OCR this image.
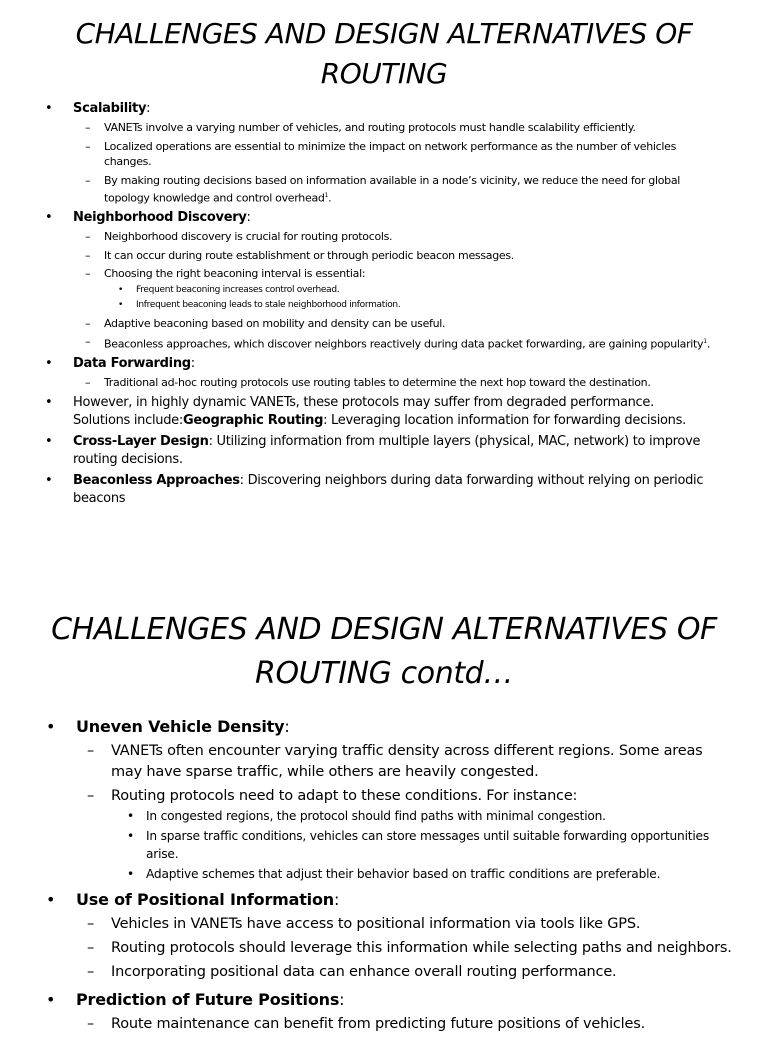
CHALLENGES AND DESIGN ALTERNATIVES OF ROUTING
• Scalability:
– VANETs involve a varying number of vehicles, and routing protocols must handle scalability efficiently.
– Localized operations are essential to minimize the impact on network performance as the number of vehicles changes.
– By making routing decisions based on information available in a node’s vicinity, we reduce the need for global topology knowledge and control overhead$^1$.
• Neighborhood Discovery:
– Neighborhood discovery is crucial for routing protocols.
– It can occur during route establishment or through periodic beacon messages.
– Choosing the right beaconing interval is essential:
• Frequent beaconing increases control overhead.
• Infrequent beaconing leads to stale neighborhood information.
– Adaptive beaconing based on mobility and density can be useful.
– Beaconless approaches, which discover neighbors reactively during data packet forwarding, are gaining popularity$^1$.
• Data Forwarding:
– Traditional ad-hoc routing protocols use routing tables to determine the next hop toward the destination.
• However, in highly dynamic VANETs, these protocols may suffer from degraded performance. Solutions include:Geographic Routing: Leveraging location information for forwarding decisions.
• Cross-Layer Design: Utilizing information from multiple layers (physical, MAC, network) to improve routing decisions.
• Beaconless Approaches: Discovering neighbors during data forwarding without relying on periodic beacons
CHALLENGES AND DESIGN ALTERNATIVES OF ROUTING contd…
• Uneven Vehicle Density:
– VANETs often encounter varying traffic density across different regions. Some areas may have sparse traffic, while others are heavily congested.
– Routing protocols need to adapt to these conditions. For instance:
• In congested regions, the protocol should find paths with minimal congestion.
• In sparse traffic conditions, vehicles can store messages until suitable forwarding opportunities arise.
• Adaptive schemes that adjust their behavior based on traffic conditions are preferable.
• Use of Positional Information:
– Vehicles in VANETs have access to positional information via tools like GPS.
– Routing protocols should leverage this information while selecting paths and neighbors.
– Incorporating positional data can enhance overall routing performance.
• Prediction of Future Positions:
– Route maintenance can benefit from predicting future positions of vehicles.
